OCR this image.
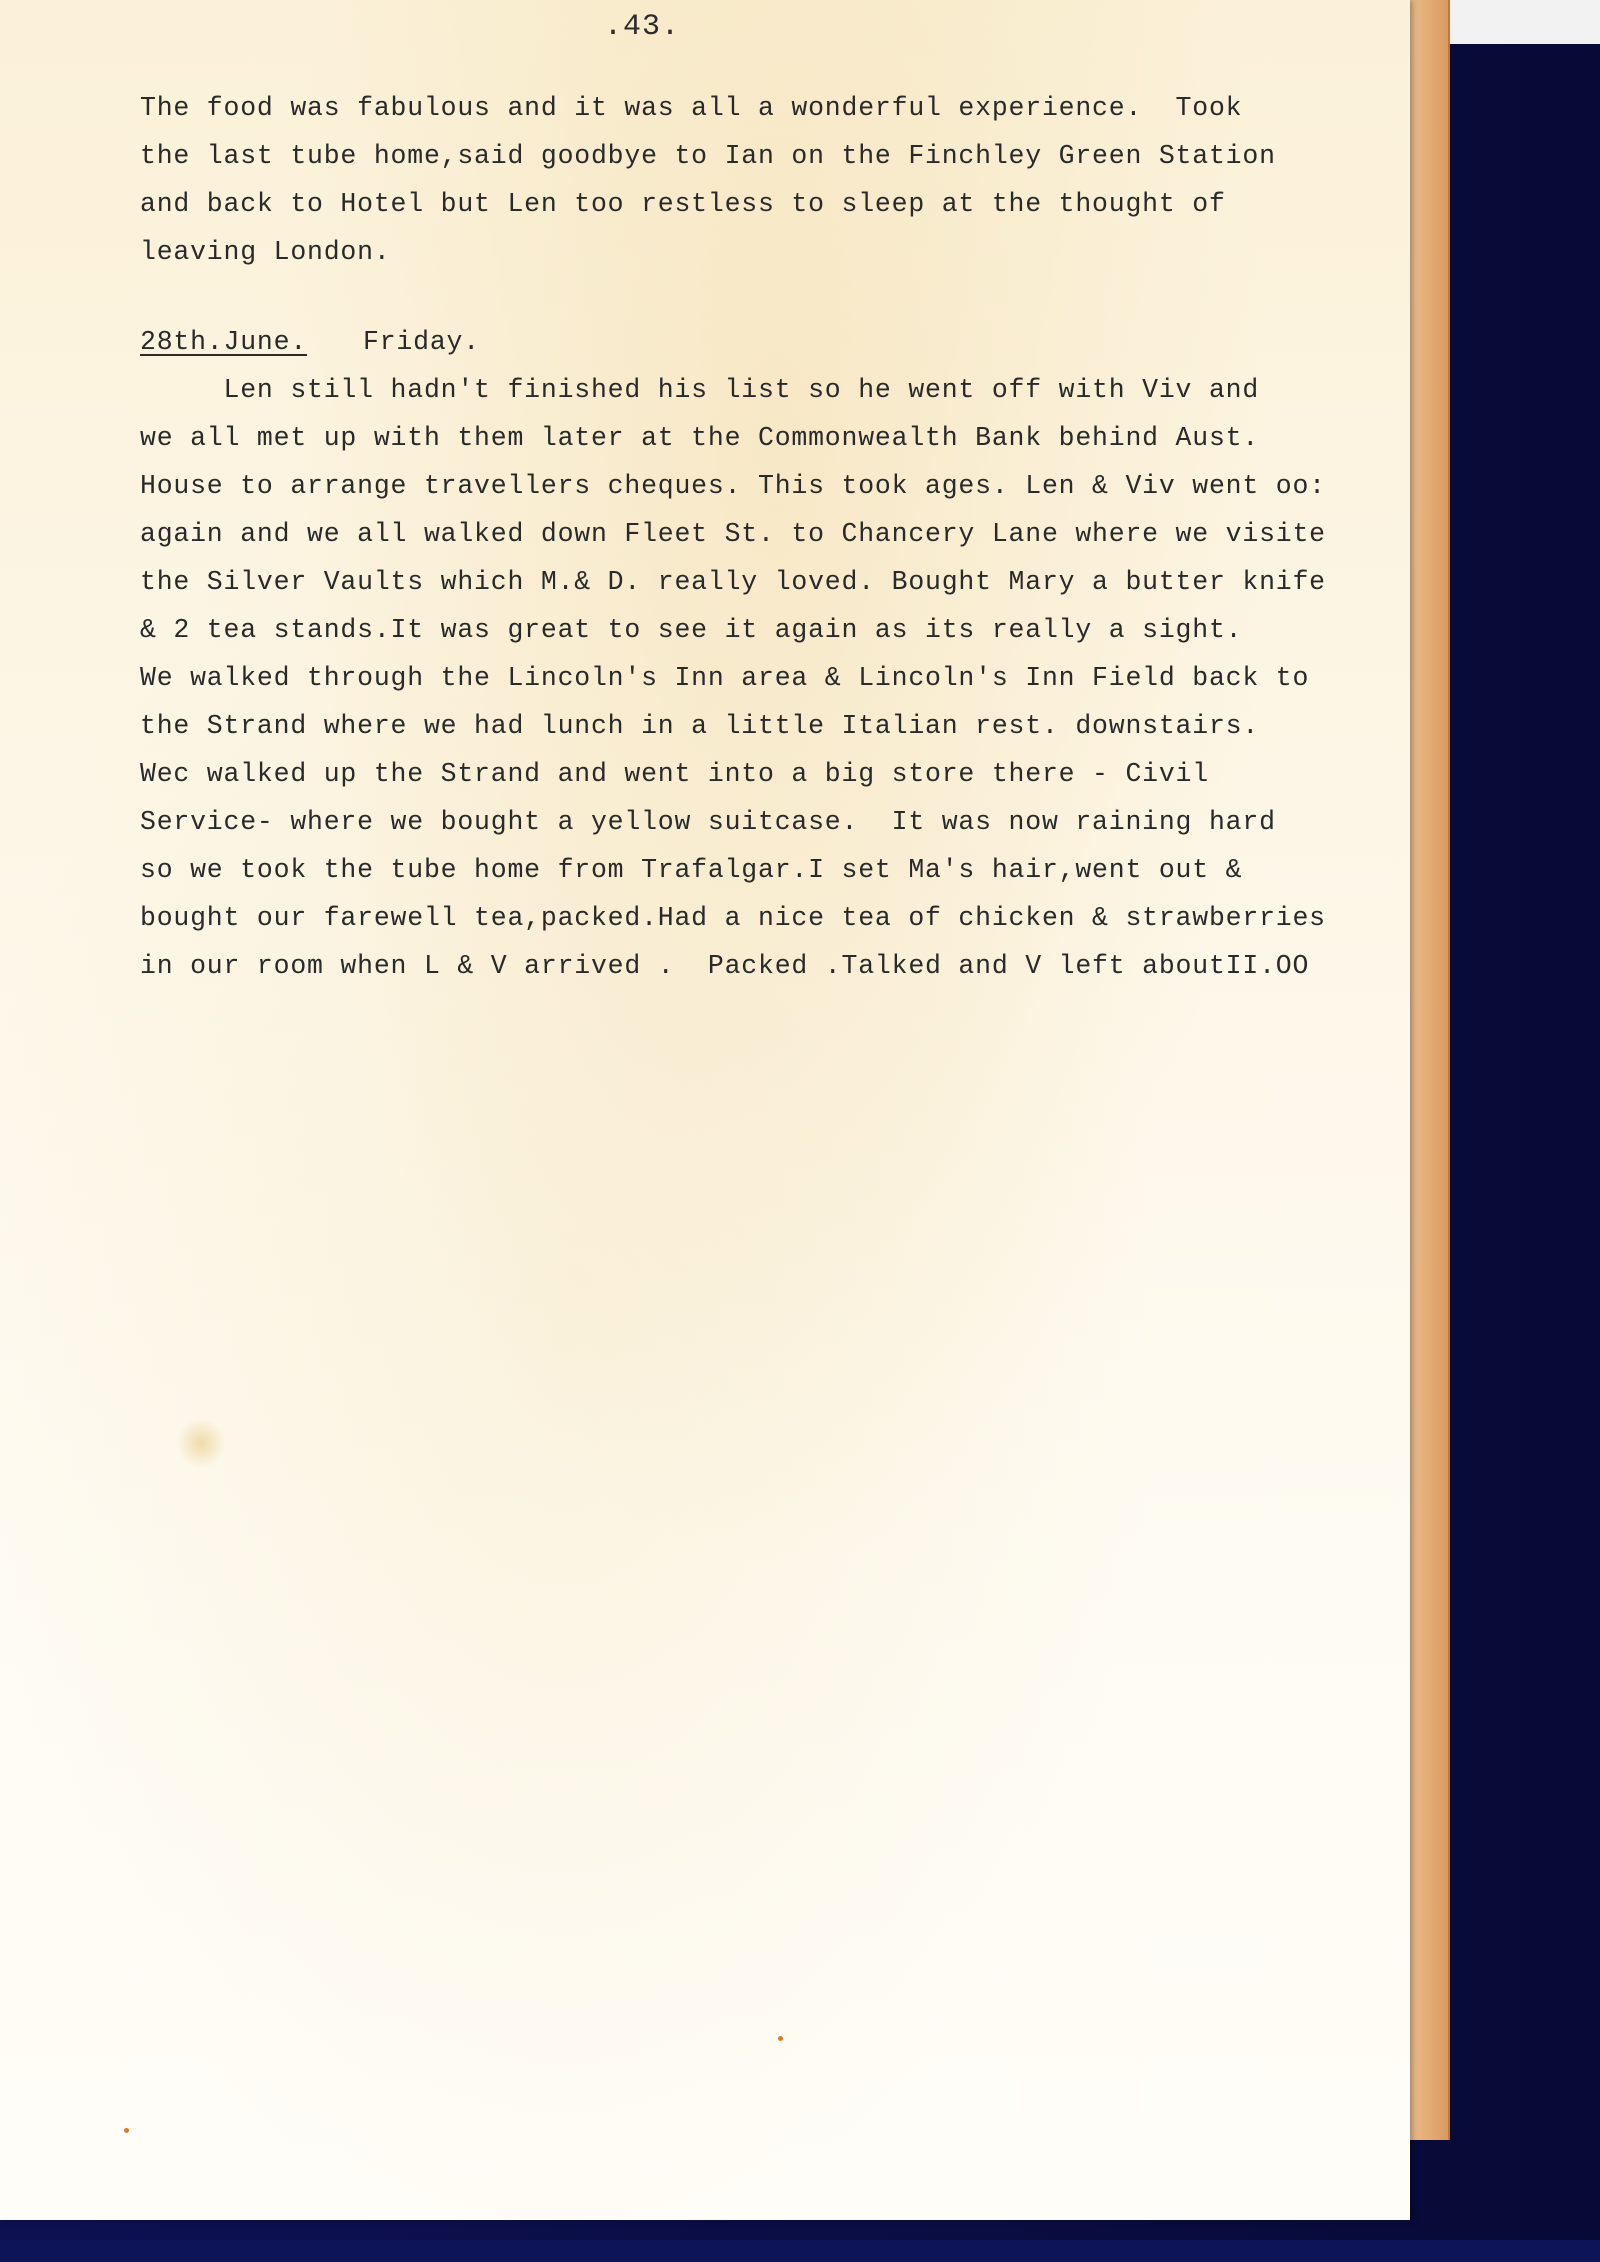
.43.
The food was fabulous and it was all a wonderful experience.  Took
the last tube home,said goodbye to Ian on the Finchley Green Station
and back to Hotel but Len too restless to sleep at the thought of
leaving London.
28th.June. Friday.
Len still hadn't finished his list so he went off with Viv and
we all met up with them later at the Commonwealth Bank behind Aust.
House to arrange travellers cheques. This took ages. Len & Viv went oo:
again and we all walked down Fleet St. to Chancery Lane where we visite
the Silver Vaults which M.& D. really loved. Bought Mary a butter knife
& 2 tea stands.It was great to see it again as its really a sight.
We walked through the Lincoln's Inn area & Lincoln's Inn Field back to
the Strand where we had lunch in a little Italian rest. downstairs.
Wec walked up the Strand and went into a big store there - Civil
Service- where we bought a yellow suitcase.  It was now raining hard
so we took the tube home from Trafalgar.I set Ma's hair,went out &
bought our farewell tea,packed.Had a nice tea of chicken & strawberries
in our room when L & V arrived .  Packed .Talked and V left aboutII.OO
